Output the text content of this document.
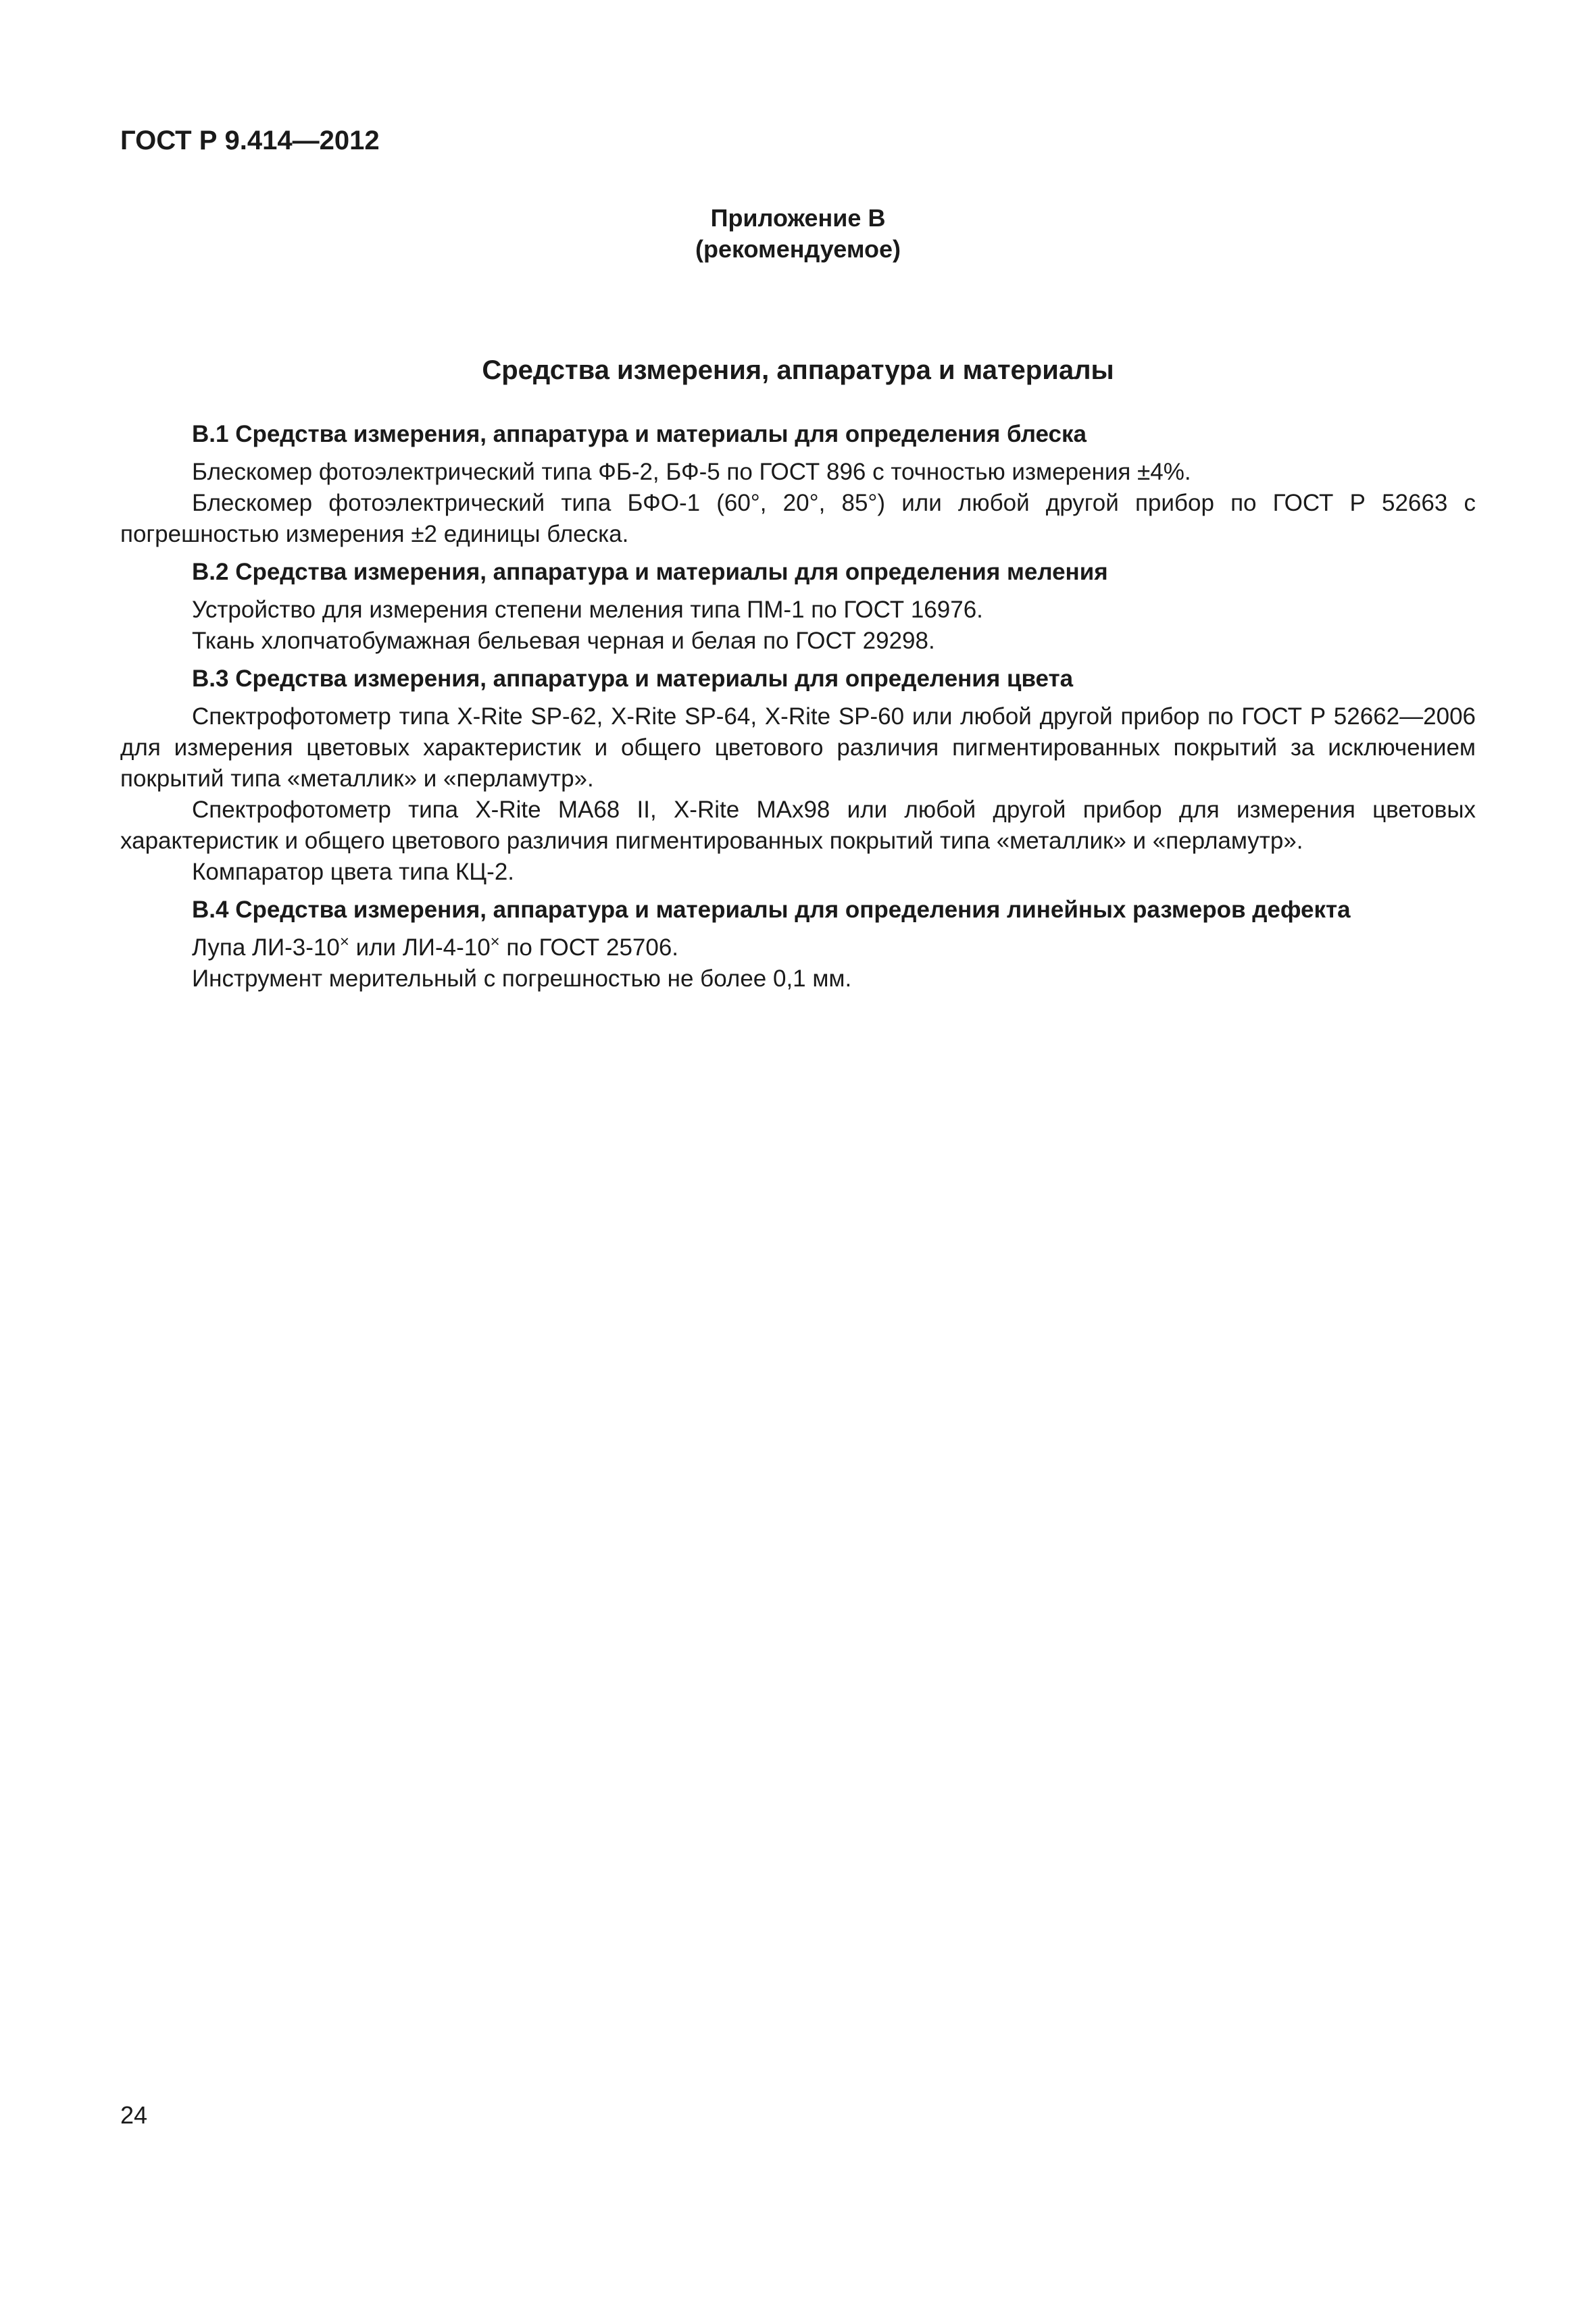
ГОСТ Р 9.414—2012
Приложение В
(рекомендуемое)
Средства измерения, аппаратура и материалы

В.1 Средства измерения, аппаратура и материалы для определения блеска

Блескомер фотоэлектрический типа ФБ-2, БФ-5 по ГОСТ 896 с точностью измерения ±4%.

Блескомер фотоэлектрический типа БФО-1 (60°, 20°, 85°) или любой другой прибор по ГОСТ Р 52663 с погрешностью измерения ±2 единицы блеска.

В.2 Средства измерения, аппаратура и материалы для определения меления

Устройство для измерения степени меления типа ПМ-1 по ГОСТ 16976.

Ткань хлопчатобумажная бельевая черная и белая по ГОСТ 29298.

В.3 Средства измерения, аппаратура и материалы для определения цвета

Спектрофотометр типа X-Rite SP-62, X-Rite SP-64, X-Rite SP-60 или любой другой прибор по ГОСТ Р 52662—2006 для измерения цветовых характеристик и общего цветового различия пигментированных покрытий за исключением покрытий типа «металлик» и «перламутр».

Спектрофотометр типа X-Rite MA68 II, X-Rite MAx98 или любой другой прибор для измерения цветовых характеристик и общего цветового различия пигментированных покрытий типа «металлик» и «перламутр».

Компаратор цвета типа КЦ-2.

В.4 Средства измерения, аппаратура и материалы для определения линейных размеров дефекта

Лупа ЛИ-3-10× или ЛИ-4-10× по ГОСТ 25706.

Инструмент мерительный с погрешностью не более 0,1 мм.

24
